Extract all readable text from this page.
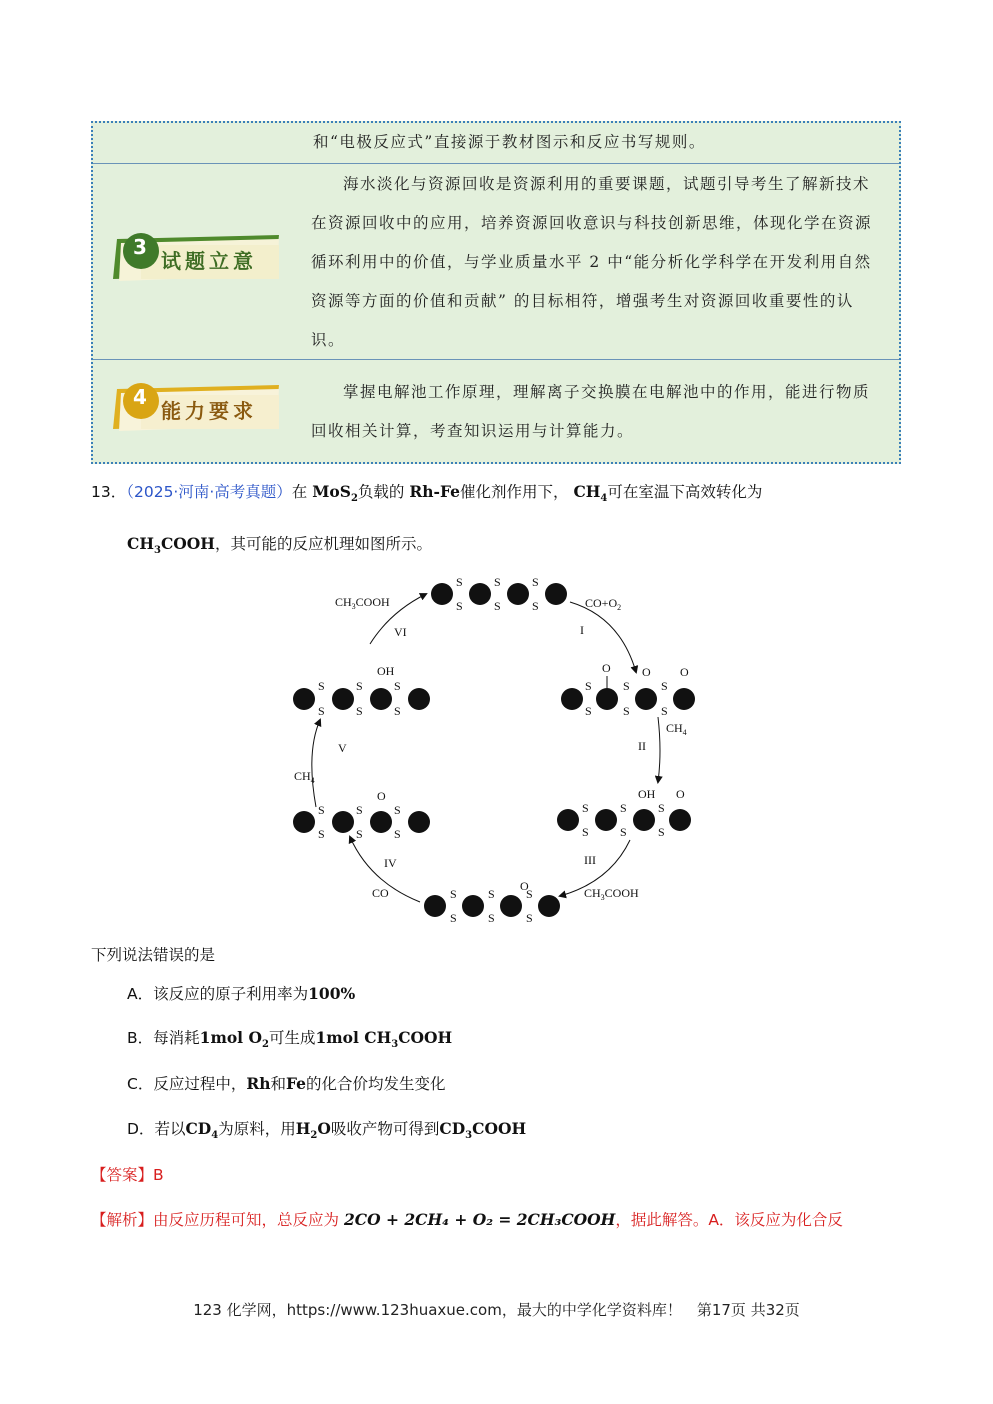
和“电极反应式”直接源于教材图示和反应书写规则。
3
试题立意
海水淡化与资源回收是资源利用的重要课题，试题引导考生了解新技术
在资源回收中的应用，培养资源回收意识与科技创新思维，体现化学在资源
循环利用中的价值，与学业质量水平 2 中“能分析化学科学在开发利用自然
资源等方面的价值和贡献” 的目标相符，增强考生对资源回收重要性的认
识。
4
能力要求
掌握电解池工作原理，理解离子交换膜在电解池中的作用，能进行物质
回收相关计算，考查知识运用与计算能力。
13．（2025·河南·高考真题）在 MoS$_2$负载的 Rh-Fe催化剂作用下， $CH_4$可在室温下高效转化为
$CH_3COOH$，其可能的反应机理如图所示。
S
S
S
S
S
S
S
S
S
S
S
S
O	O O
S
S
S
S
S
S
OH O
S
S
S
S
S
S
O
S
S
S
S
S
S
O
S
S
S
S
S
S
OH
I
II
III
IV
V
VI
$CO+O_2$
$CH_4$
$CH_3COOH$
CO
$CH_4$
$CH_3COOH$
下列说法错误的是
A．该反应的原子利用率为100%
B．每消耗1mol $O_2$可生成1mol $CH_3COOH$
C．反应过程中，Rh和Fe的化合价均发生变化
D．若以$CD_4$为原料，用$H_2O$吸收产物可得到$CD_3COOH$
【答案】B
【解析】由反应历程可知，总反应为 2CO + 2CH₄ + O₂ = 2CH₃COOH，据此解答。A．该反应为化合反
123 化学网，https://www.123huaxue.com，最大的中学化学资料库！　第17页 共32页
